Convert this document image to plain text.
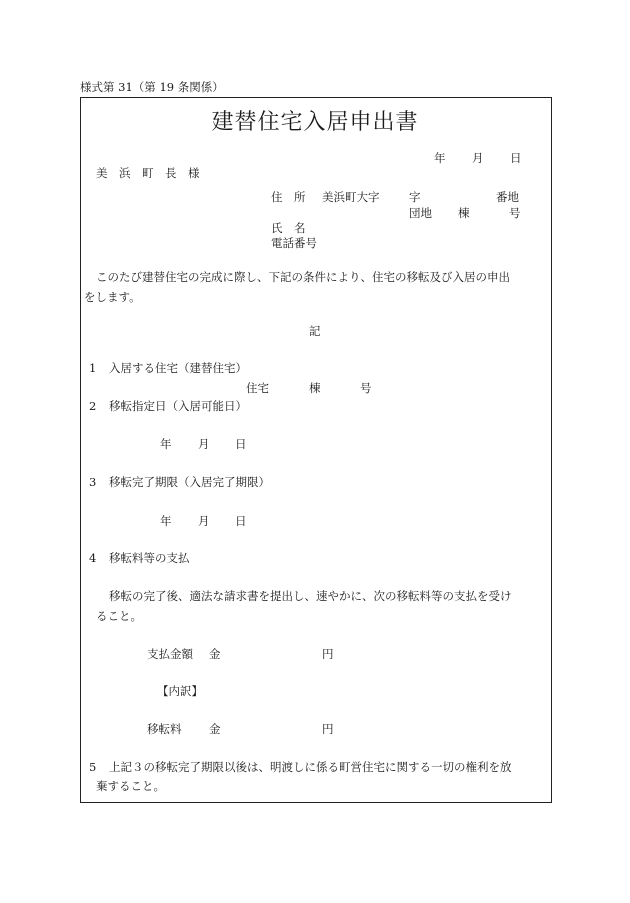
様式第 31（第 19 条関係）
建替住宅入居申出書
年 月 日
美　浜　町　長　様
住　所 美浜町大字	字	番地
団地 棟	号
氏　名
電話番号
このたび建替住宅の完成に際し、下記の条件により、住宅の移転及び入居の申出
をします。
記
1 入居する住宅（建替住宅）
住宅	棟	号
2 移転指定日（入居可能日）
年 月 日
3 移転完了期限（入居完了期限）
年 月 日
4 移転料等の支払
移転の完了後、適法な請求書を提出し、速やかに、次の移転料等の支払を受け
ること。
支払金額 金	円
【内訳】
移転料 金	円
5 上記３の移転完了期限以後は、明渡しに係る町営住宅に関する一切の権利を放
棄すること。
